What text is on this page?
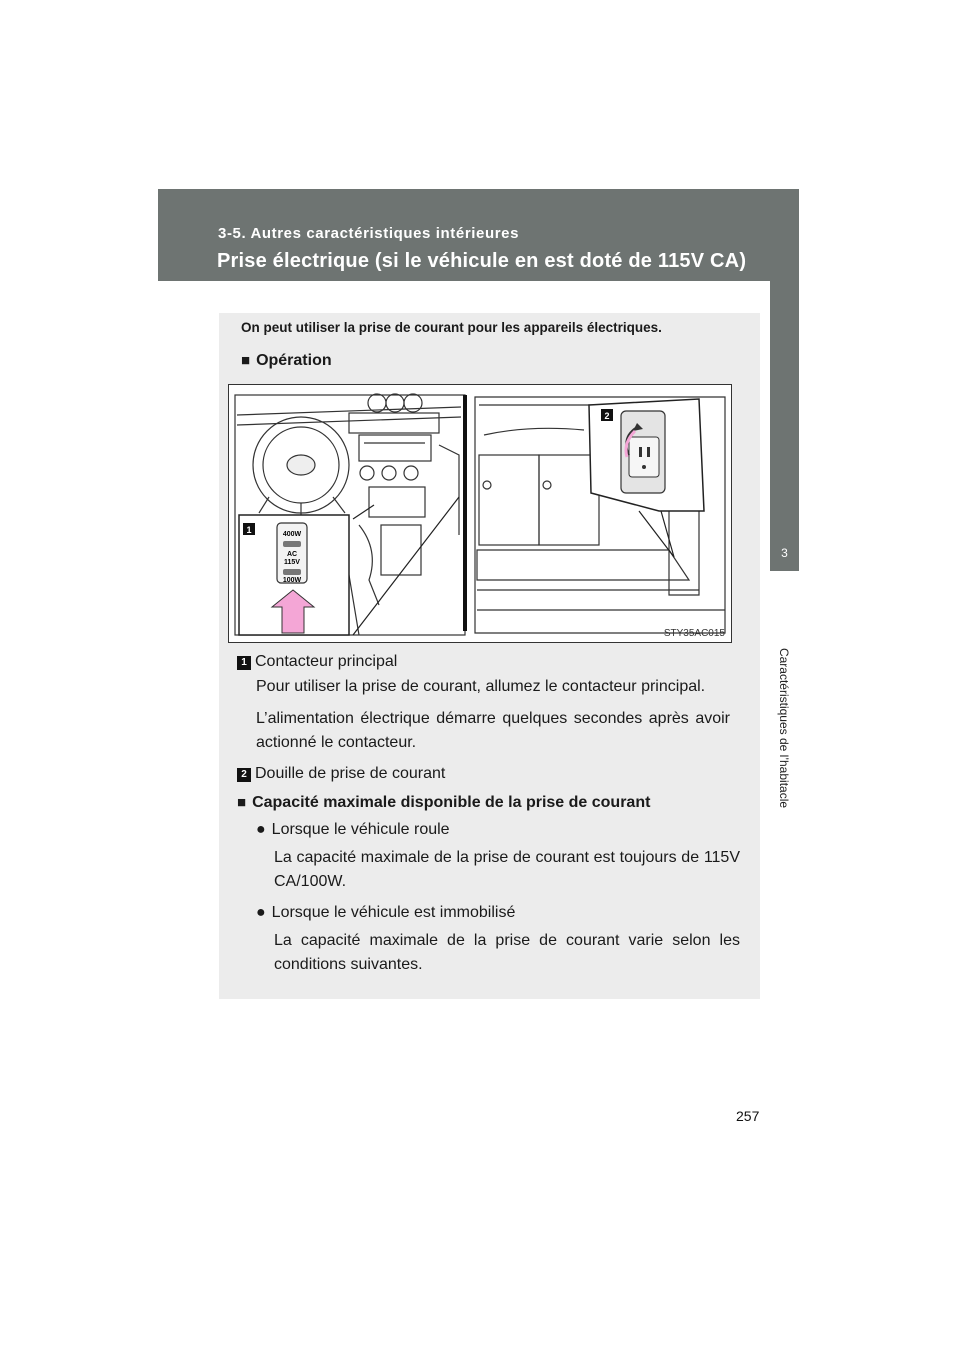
3-5. Autres caractéristiques intérieures
Prise électrique (si le véhicule en est doté de 115V CA)
3
Caractéristiques de l’habitacle
On peut utiliser la prise de courant pour les appareils électriques.
■ Opération
400W
AC
115V
100W
1
2
STY35AC015
1 Contacteur principal
Pour utiliser la prise de courant, allumez le contacteur principal.
L’alimentation électrique démarre quelques secondes après avoir actionné le contacteur.
2 Douille de prise de courant
■ Capacité maximale disponible de la prise de courant
● Lorsque le véhicule roule
La capacité maximale de la prise de courant est toujours de 115V CA/100W.
● Lorsque le véhicule est immobilisé
La capacité maximale de la prise de courant varie selon les conditions suivantes.
257
